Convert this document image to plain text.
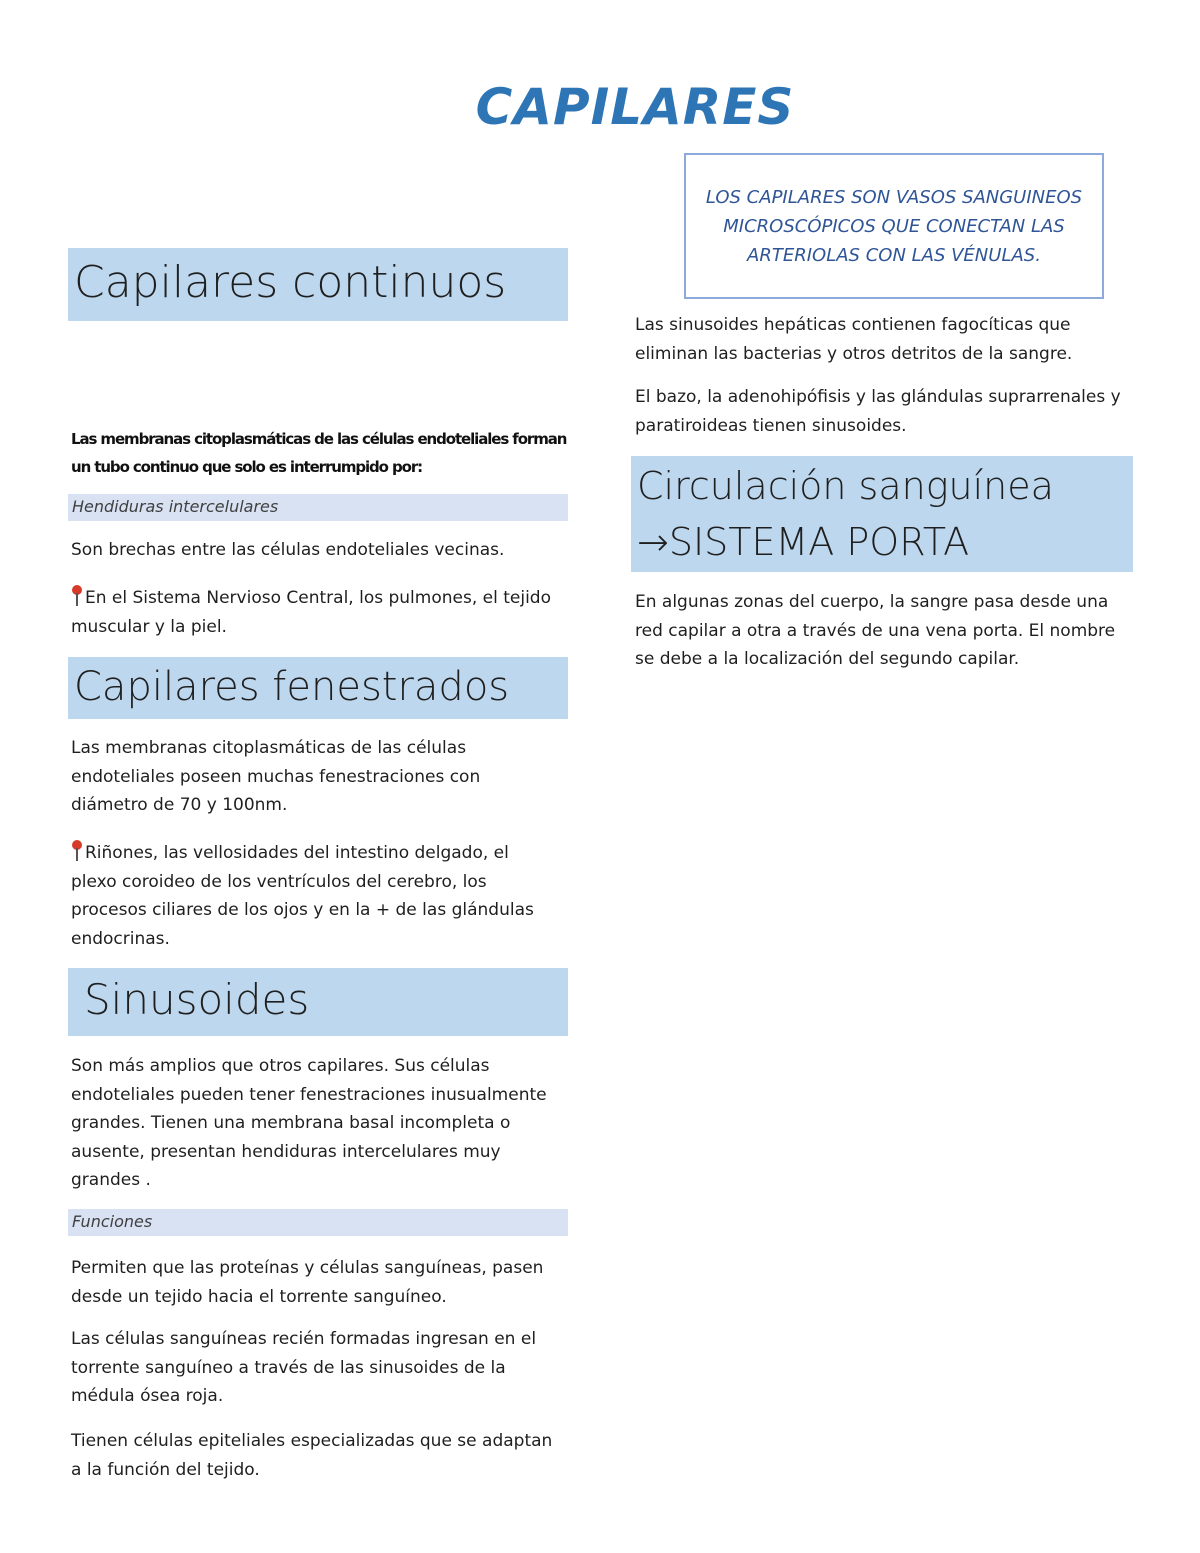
CAPILARES
LOS CAPILARES SON VASOS SANGUINEOS MICROSCÓPICOS QUE CONECTAN LAS ARTERIOLAS CON LAS VÉNULAS.
Capilares continuos
Las membranas citoplasmáticas de las células endoteliales forman
un tubo continuo que solo es interrumpido por:
Hendiduras intercelulares
Son brechas entre las células endoteliales vecinas.
En el Sistema Nervioso Central, los pulmones, el tejido muscular y la piel.
Capilares fenestrados
Las membranas citoplasmáticas de las células endoteliales poseen muchas fenestraciones con diámetro de 70 y 100nm.
Riñones, las vellosidades del intestino delgado, el plexo coroideo de los ventrículos del cerebro, los procesos ciliares de los ojos y en la + de las glándulas endocrinas.
Sinusoides
Son más amplios que otros capilares. Sus células endoteliales pueden tener fenestraciones inusualmente grandes. Tienen una membrana basal incompleta o ausente, presentan hendiduras intercelulares muy grandes .
Funciones
Permiten que las proteínas y células sanguíneas, pasen desde un tejido hacia el torrente sanguíneo.
Las células sanguíneas recién formadas ingresan en el torrente sanguíneo a través de las sinusoides de la médula ósea roja.
Tienen células epiteliales especializadas que se adaptan a la función del tejido.
Las sinusoides hepáticas contienen fagocíticas que eliminan las bacterias y otros detritos de la sangre.
El bazo, la adenohipófisis y las glándulas suprarrenales y paratiroideas tienen sinusoides.
Circulación sanguínea
→SISTEMA PORTA
En algunas zonas del cuerpo, la sangre pasa desde una red capilar a otra a través de una vena porta. El nombre se debe a la localización del segundo capilar.
